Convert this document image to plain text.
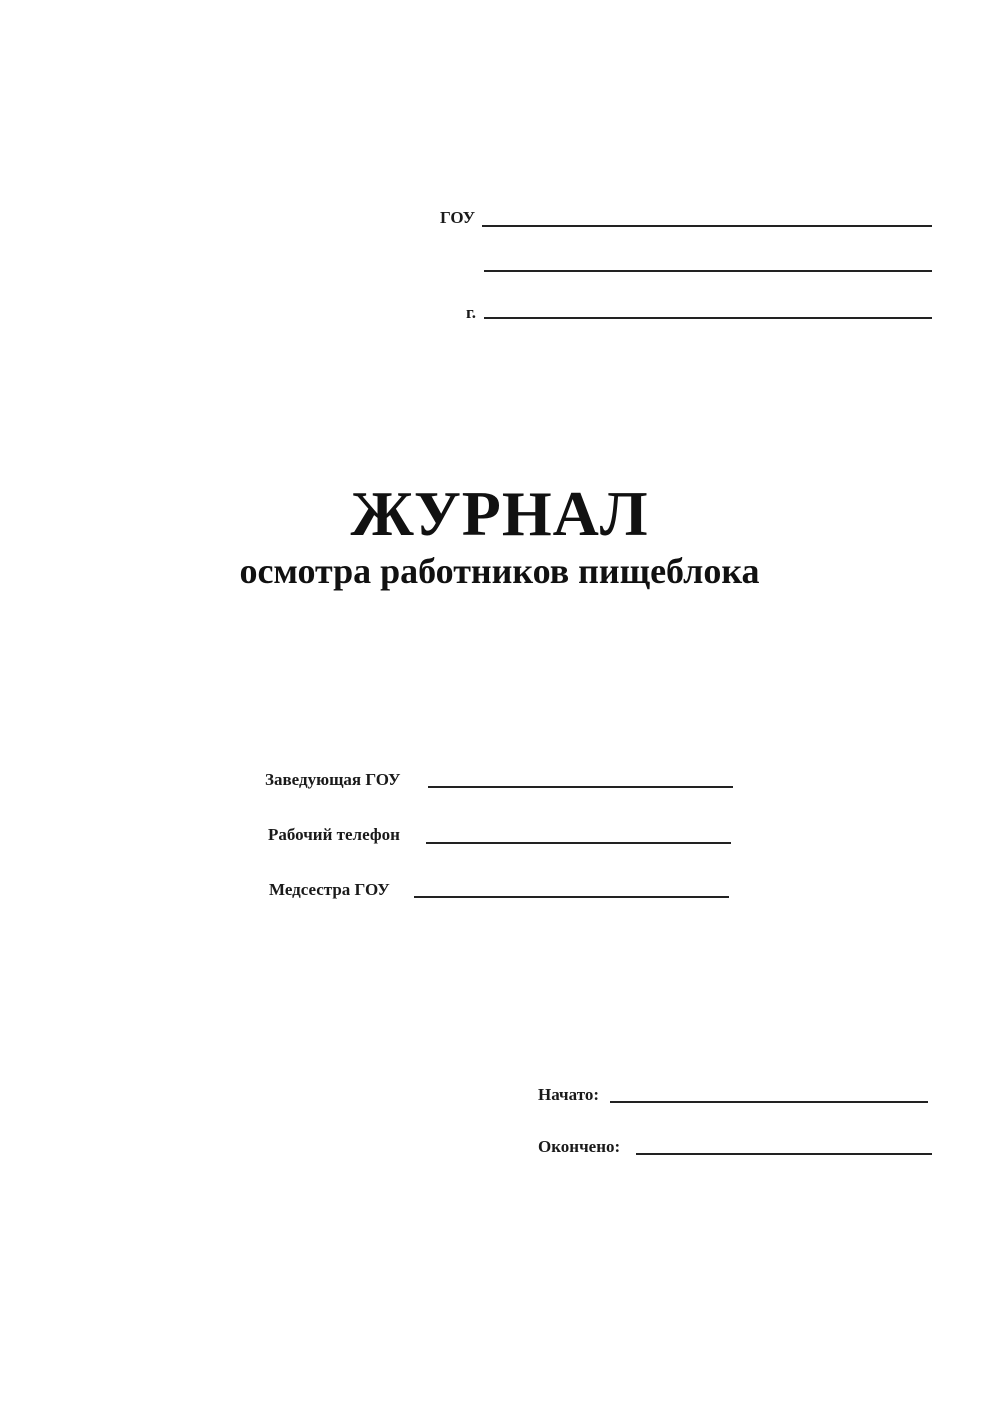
ГОУ
г.
ЖУРНАЛ
осмотра работников пищеблока
Заведующая ГОУ
Рабочий телефон
Медсестра ГОУ
Начато:
Окончено:
